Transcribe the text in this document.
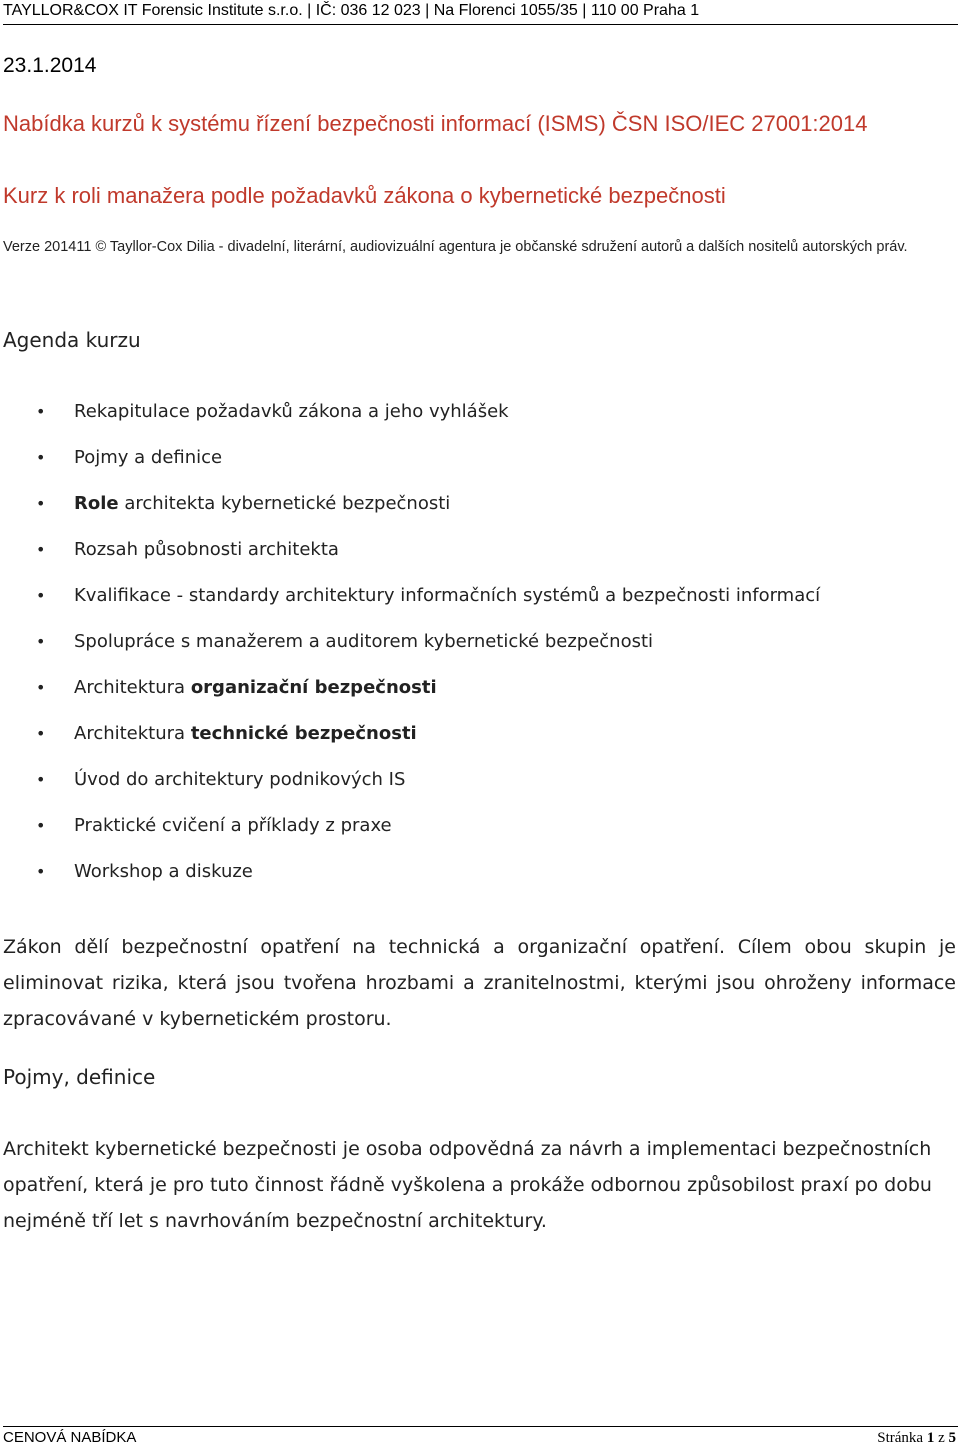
TAYLLOR&COX IT Forensic Institute s.r.o. | IČ: 036 12 023 | Na Florenci 1055/35 | 110 00 Praha 1
23.1.2014
Nabídka kurzů k systému řízení bezpečnosti informací (ISMS) ČSN ISO/IEC 27001:2014
Kurz k roli manažera podle požadavků zákona o kybernetické bezpečnosti
Verze 201411 © Tayllor-Cox Dilia - divadelní, literární, audiovizuální agentura je občanské sdružení autorů a dalších nositelů autorských práv.
Agenda kurzu
• Rekapitulace požadavků zákona a jeho vyhlášek
• Pojmy a definice
• Role architekta kybernetické bezpečnosti
• Rozsah působnosti architekta
• Kvalifikace - standardy architektury informačních systémů a bezpečnosti informací
• Spolupráce s manažerem a auditorem kybernetické bezpečnosti
• Architektura organizační bezpečnosti
• Architektura technické bezpečnosti
• Úvod do architektury podnikových IS
• Praktické cvičení a příklady z praxe
• Workshop a diskuze
Zákon dělí bezpečnostní opatření na technická a organizační opatření. Cílem obou skupin je eliminovat rizika, která jsou tvořena hrozbami a zranitelnostmi, kterými jsou ohroženy informace zpracovávané v kybernetickém prostoru.
Pojmy, definice
Architekt kybernetické bezpečnosti je osoba odpovědná za návrh a implementaci bezpečnostních opatření, která je pro tuto činnost řádně vyškolena a prokáže odbornou způsobilost praxí po dobu nejméně tří let s navrhováním bezpečnostní architektury.
CENOVÁ NABÍDKA	Stránka 1 z 5
